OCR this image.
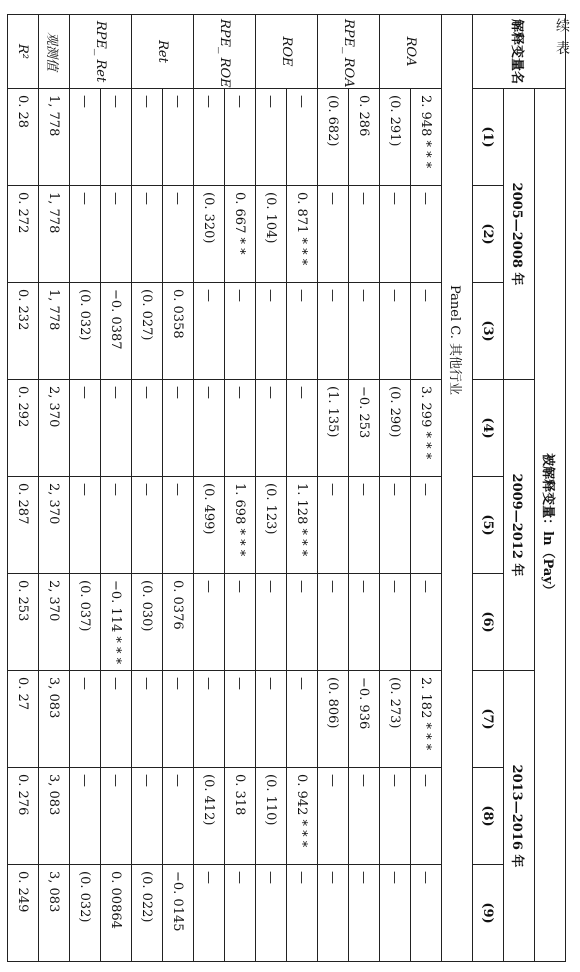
续 表
解释变量名	被解释变量：ln（Pay）								
	2005—2008 年			2009—2012 年			2013—2016 年		
	(1)	(2)	(3)	(4)	(5)	(6)	(7)	(8)	(9)
Panel C. 其他行业									
ROA	2. 948 * * *	—	—	3. 299 * * *	—	—	2. 182 * * *	—	—
	(0. 291)	—	—	(0. 290)	—	—	(0. 273)	—	—
RPE_ ROA	0. 286	—	—	−0. 253	—	—	−0. 936	—	—
	(0. 682)	—	—	(1. 135)	—	—	(0. 806)	—	—
ROE	—	0. 871 * * *	—	—	1. 128 * * *	—	—	0. 942 * * *	—
	—	(0. 104)	—	—	(0. 123)	—	—	(0. 110)	—
RPE_ ROE	—	0. 667 * *	—	—	1. 698 * * *	—	—	0. 318	—
	—	(0. 320)	—	—	(0. 499)	—	—	(0. 412)	—
Ret	—	—	0. 0358	—	—	0. 0376	—	—	−0. 0145
	—	—	(0. 027)	—	—	(0. 030)	—	—	(0. 022)
RPE_ Ret	—	—	−0. 0387	—	—	−0. 114 * * *	—	—	0. 00864
	—	—	(0. 032)	—	—	(0. 037)	—	—	(0. 032)
观测值	1, 778	1, 778	1, 778	2, 370	2, 370	2, 370	3, 083	3, 083	3, 083
R²	0. 28	0. 272	0. 232	0. 292	0. 287	0. 253	0. 27	0. 276	0. 249
